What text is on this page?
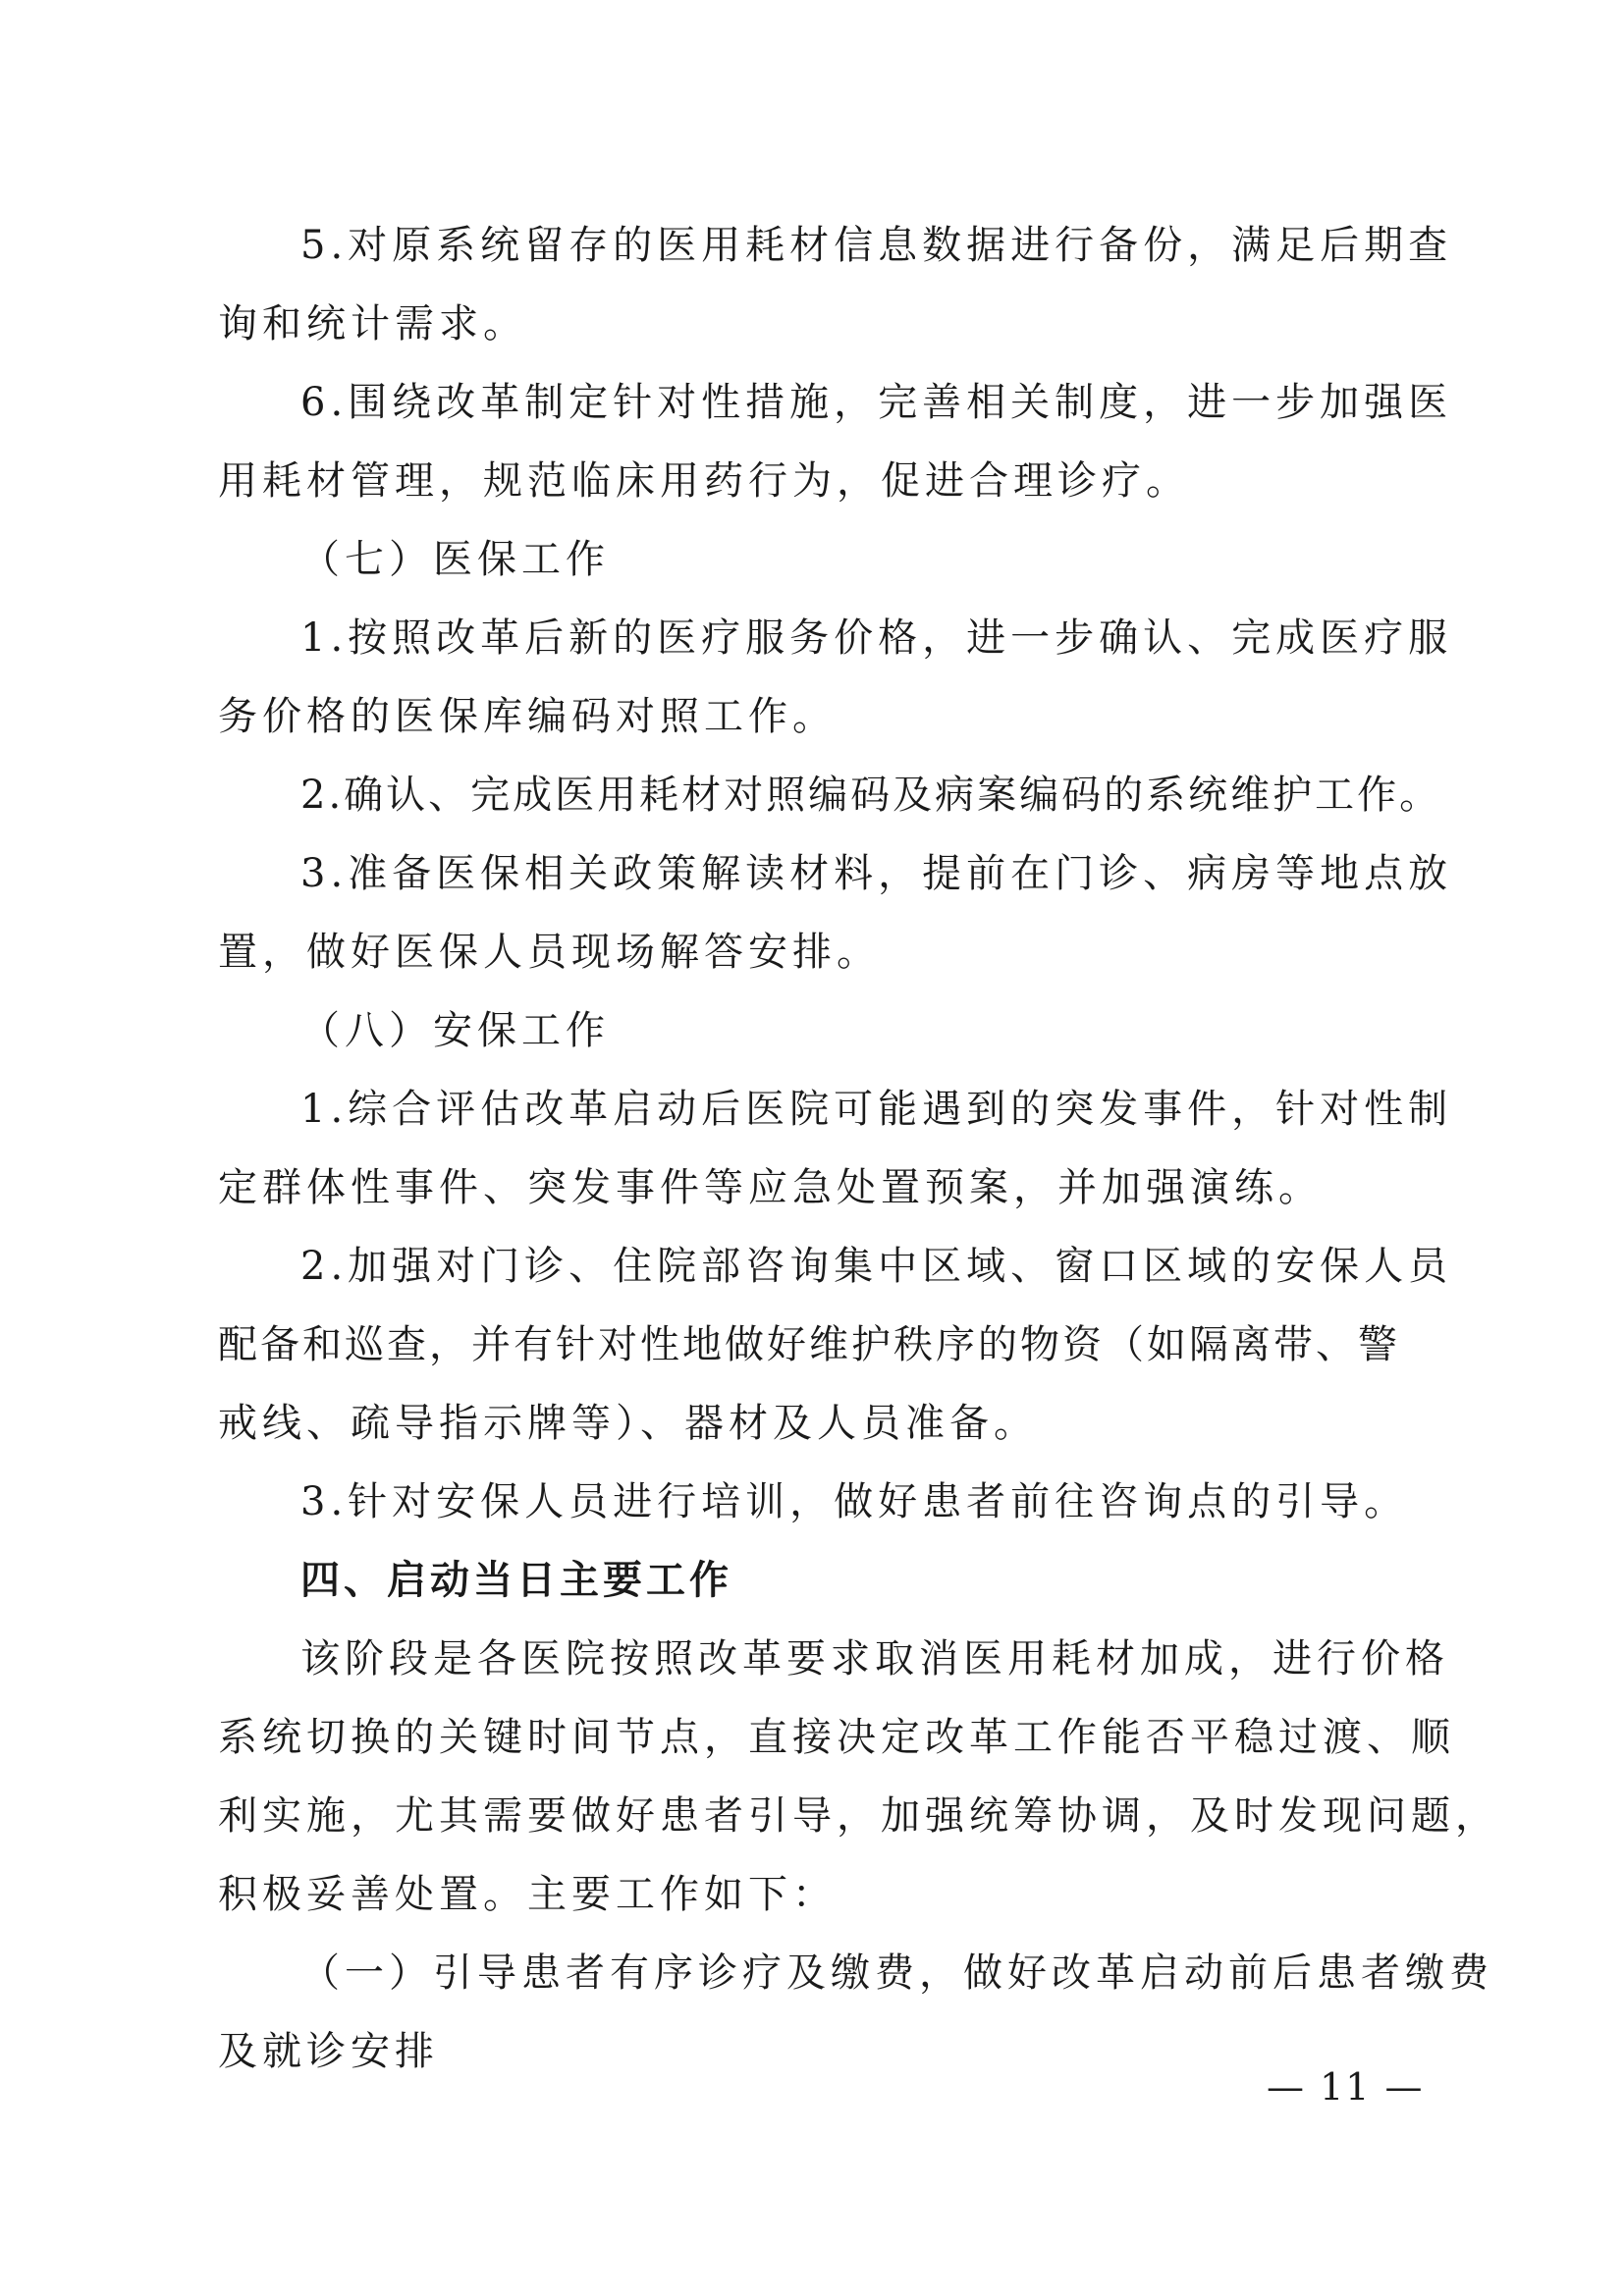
5.对原系统留存的医用耗材信息数据进行备份，满足后期查
询和统计需求。
6.围绕改革制定针对性措施，完善相关制度，进一步加强医
用耗材管理，规范临床用药行为，促进合理诊疗。
（七）医保工作
1.按照改革后新的医疗服务价格，进一步确认、完成医疗服
务价格的医保库编码对照工作。
2.确认、完成医用耗材对照编码及病案编码的系统维护工作。
3.准备医保相关政策解读材料，提前在门诊、病房等地点放
置，做好医保人员现场解答安排。
（八）安保工作
1.综合评估改革启动后医院可能遇到的突发事件，针对性制
定群体性事件、突发事件等应急处置预案，并加强演练。
2.加强对门诊、住院部咨询集中区域、窗口区域的安保人员
配备和巡查，并有针对性地做好维护秩序的物资（如隔离带、警
戒线、疏导指示牌等）、器材及人员准备。
3.针对安保人员进行培训，做好患者前往咨询点的引导。
四、启动当日主要工作
该阶段是各医院按照改革要求取消医用耗材加成，进行价格
系统切换的关键时间节点，直接决定改革工作能否平稳过渡、顺
利实施，尤其需要做好患者引导，加强统筹协调，及时发现问题，
积极妥善处置。主要工作如下：
（一）引导患者有序诊疗及缴费，做好改革启动前后患者缴费
及就诊安排
— 11 —
